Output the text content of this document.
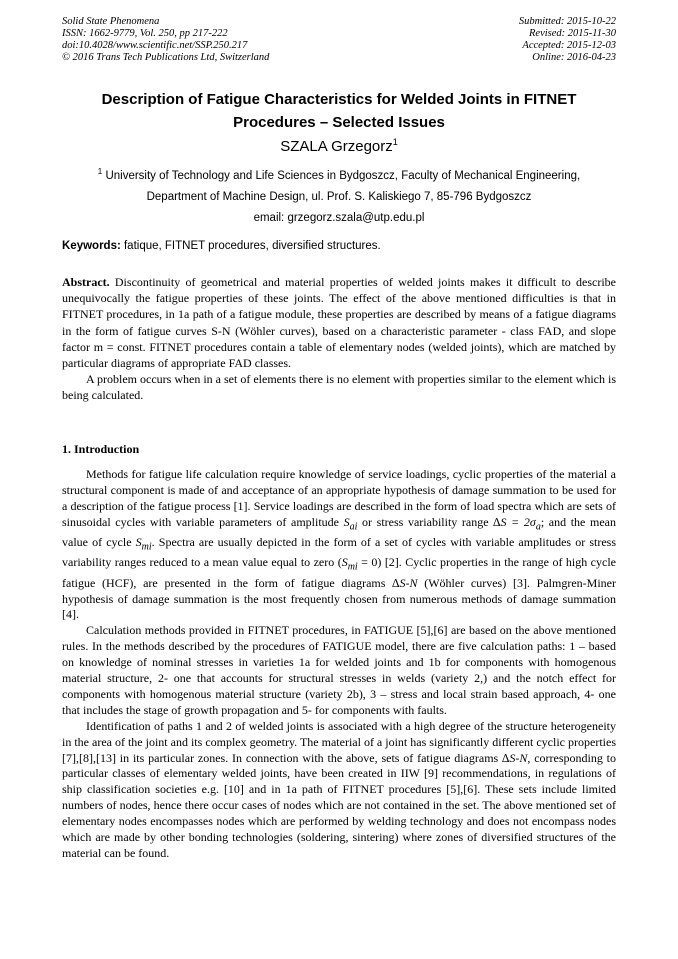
Solid State Phenomena
ISSN: 1662-9779, Vol. 250, pp 217-222
doi:10.4028/www.scientific.net/SSP.250.217
© 2016 Trans Tech Publications Ltd, Switzerland
Submitted: 2015-10-22
Revised: 2015-11-30
Accepted: 2015-12-03
Online: 2016-04-23
Description of Fatigue Characteristics for Welded Joints in FITNET
Procedures – Selected Issues
SZALA Grzegorz$^1$
$^1$ University of Technology and Life Sciences in Bydgoszcz, Faculty of Mechanical Engineering,
Department of Machine Design, ul. Prof. S. Kaliskiego 7, 85-796 Bydgoszcz
email: grzegorz.szala@utp.edu.pl
Keywords: fatique, FITNET procedures, diversified structures.

Abstract. Discontinuity of geometrical and material properties of welded joints makes it difficult to describe unequivocally the fatigue properties of these joints. The effect of the above mentioned difficulties is that in FITNET procedures, in 1a path of a fatigue module, these properties are described by means of a fatigue diagrams in the form of fatigue curves S-N (Wöhler curves), based on a characteristic parameter - class FAD, and slope factor m = const. FITNET procedures contain a table of elementary nodes (welded joints), which are matched by particular diagrams of appropriate FAD classes.

A problem occurs when in a set of elements there is no element with properties similar to the element which is being calculated.

1. Introduction

Methods for fatigue life calculation require knowledge of service loadings, cyclic properties of the material a structural component is made of and acceptance of an appropriate hypothesis of damage summation to be used for a description of the fatigue process [1]. Service loadings are described in the form of load spectra which are sets of sinusoidal cycles with variable parameters of amplitude $S_{ai}$ or stress variability range $\Delta S = 2\sigma_a$; and the mean value of cycle $S_{mi}$. Spectra are usually depicted in the form of a set of cycles with variable amplitudes or stress variability ranges reduced to a mean value equal to zero $(S_{mi} = 0)$ [2]. Cyclic properties in the range of high cycle fatigue (HCF), are presented in the form of fatigue diagrams ∆S-N (Wöhler curves) [3]. Palmgren-Miner hypothesis of damage summation is the most frequently chosen from numerous methods of damage summation [4].

Calculation methods provided in FITNET procedures, in FATIGUE [5],[6] are based on the above mentioned rules. In the methods described by the procedures of FATIGUE model, there are five calculation paths: 1 – based on knowledge of nominal stresses in varieties 1a for welded joints and 1b for components with homogenous material structure, 2- one that accounts for structural stresses in welds (variety 2,) and the notch effect for components with homogenous material structure (variety 2b), 3 – stress and local strain based approach, 4- one that includes the stage of growth propagation and 5- for components with faults.

Identification of paths 1 and 2 of welded joints is associated with a high degree of the structure heterogeneity in the area of the joint and its complex geometry. The material of a joint has significantly different cyclic properties [7],[8],[13] in its particular zones. In connection with the above, sets of fatigue diagrams ∆S-N, corresponding to particular classes of elementary welded joints, have been created in IIW [9] recommendations, in regulations of ship classification societies e.g. [10] and in 1a path of FITNET procedures [5],[6]. These sets include limited numbers of nodes, hence there occur cases of nodes which are not contained in the set. The above mentioned set of elementary nodes encompasses nodes which are performed by welding technology and does not encompass nodes which are made by other bonding technologies (soldering, sintering) where zones of diversified structures of the material can be found.
